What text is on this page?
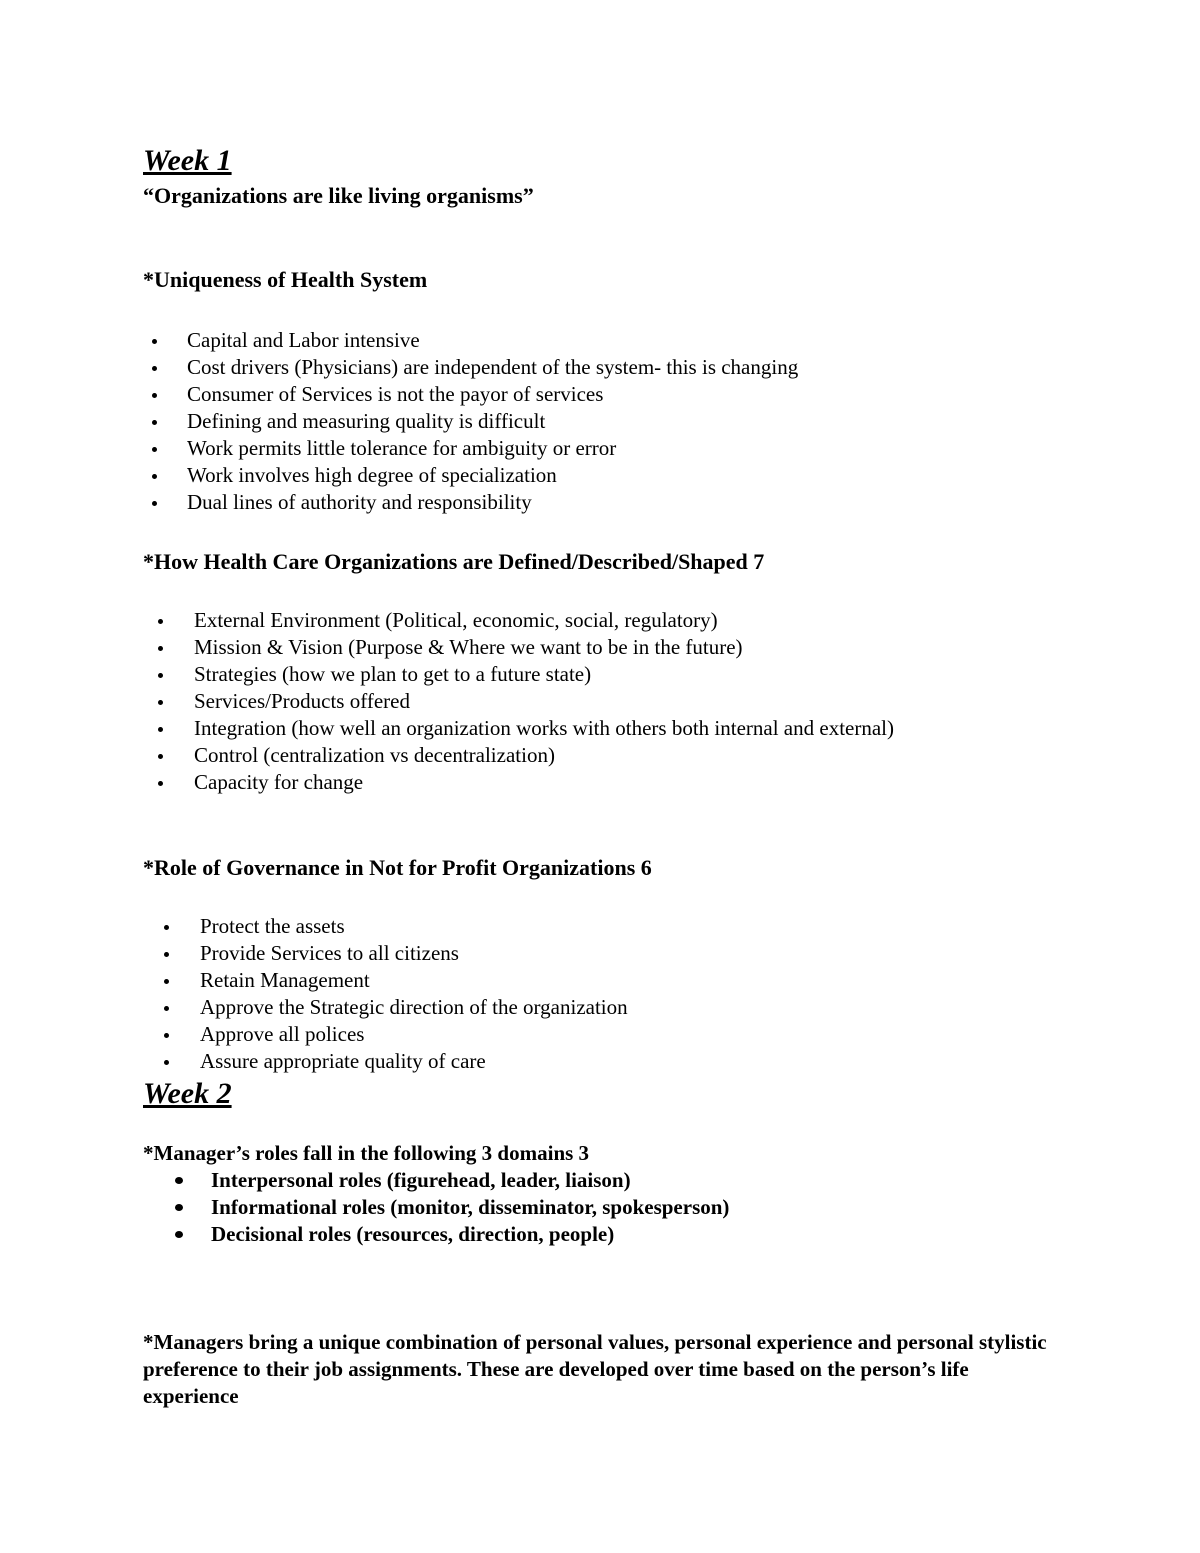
Week 1

“Organizations are like living organisms”

*Uniqueness of Health System
Capital and Labor intensive
Cost drivers (Physicians) are independent of the system- this is changing
Consumer of Services is not the payor of services
Defining and measuring quality is difficult
Work permits little tolerance for ambiguity or error
Work involves high degree of specialization
Dual lines of authority and responsibility
*How Health Care Organizations are Defined/Described/Shaped 7
External Environment (Political, economic, social, regulatory)
Mission & Vision (Purpose & Where we want to be in the future)
Strategies (how we plan to get to a future state)
Services/Products offered
Integration (how well an organization works with others both internal and external)
Control (centralization vs decentralization)
Capacity for change
*Role of Governance in Not for Profit Organizations 6
Protect the assets
Provide Services to all citizens
Retain Management
Approve the Strategic direction of the organization
Approve all polices
Assure appropriate quality of care
Week 2

*Manager’s roles fall in the following 3 domains 3

Interpersonal roles (figurehead, leader, liaison)
Informational roles (monitor, disseminator, spokesperson)
Decisional roles (resources, direction, people)

*Managers bring a unique combination of personal values, personal experience and personal stylistic preference to their job assignments. These are developed over time based on the person’s life experience
